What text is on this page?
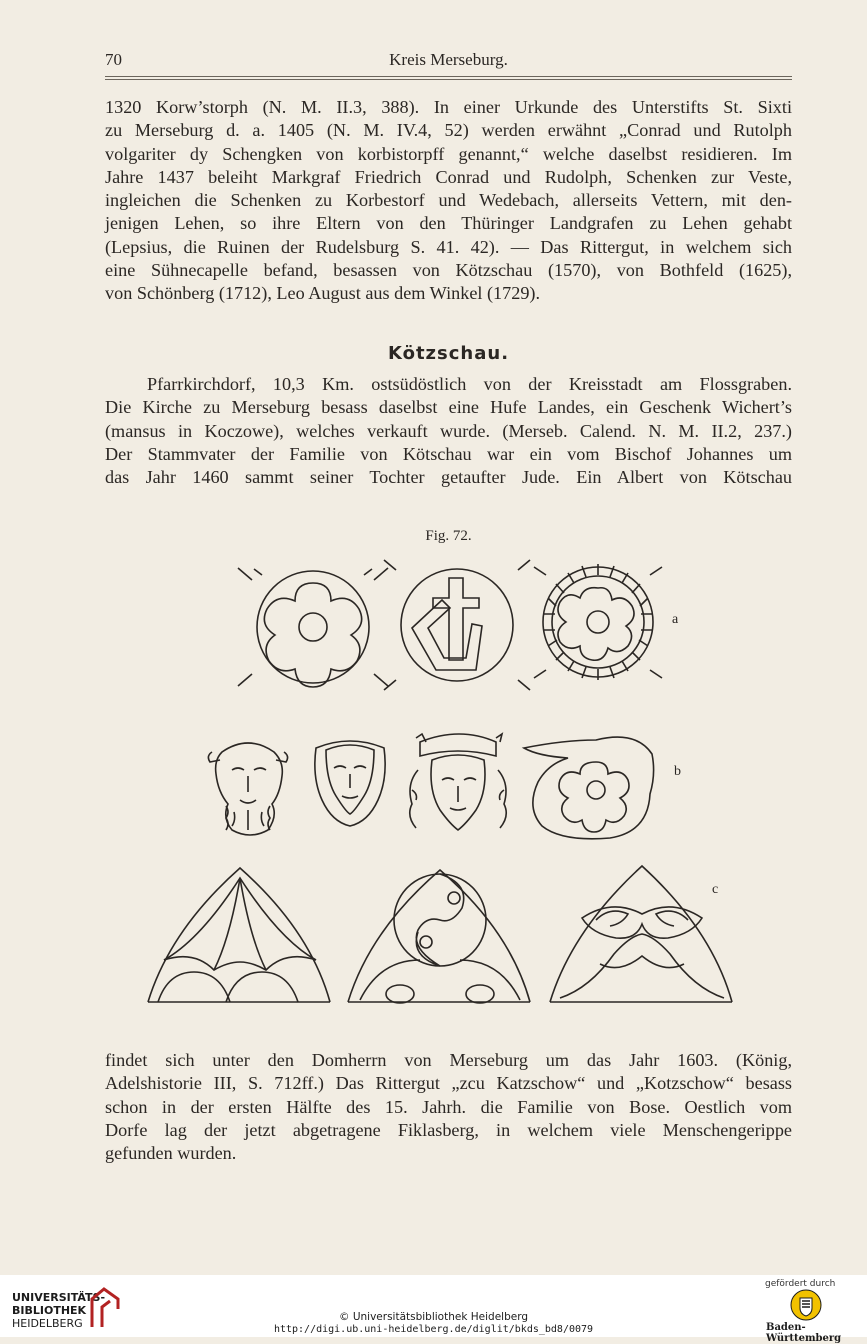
70	Kreis Merseburg.
1320 Korw’storph (N. M. II.3, 388). In einer Urkunde des Unterstifts St. Sixti
zu Merseburg d. a. 1405 (N. M. IV.4, 52) werden erwähnt „Conrad und Rutolph
volgariter dy Schengken von korbistorpff genannt,“ welche daselbst residieren. Im
Jahre 1437 beleiht Markgraf Friedrich Conrad und Rudolph, Schenken zur Veste,
ingleichen die Schenken zu Korbestorf und Wedebach, allerseits Vettern, mit den-
jenigen Lehen, so ihre Eltern von den Thüringer Landgrafen zu Lehen gehabt
(Lepsius, die Ruinen der Rudelsburg S. 41. 42). — Das Rittergut, in welchem sich
eine Sühnecapelle befand, besassen von Kötzschau (1570), von Bothfeld (1625),
von Schönberg (1712), Leo August aus dem Winkel (1729).
Kötzschau.
Pfarrkirchdorf, 10,3 Km. ostsüdöstlich von der Kreisstadt am Flossgraben.
Die Kirche zu Merseburg besass daselbst eine Hufe Landes, ein Geschenk Wichert’s
(mansus in Koczowe), welches verkauft wurde. (Merseb. Calend. N. M. II.2, 237.)
Der Stammvater der Familie von Kötschau war ein vom Bischof Johannes um
das Jahr 1460 sammt seiner Tochter getaufter Jude. Ein Albert von Kötschau
Fig. 72.
a
b
c
findet sich unter den Domherrn von Merseburg um das Jahr 1603. (König,
Adelshistorie III, S. 712ff.) Das Rittergut „zcu Katzschow“ und „Kotzschow“ besass
schon in der ersten Hälfte des 15. Jahrh. die Familie von Bose. Oestlich vom
Dorfe lag der jetzt abgetragene Fiklasberg, in welchem viele Menschengerippe
gefunden wurden.
UNIVERSITÄTS-
BIBLIOTHEK
HEIDELBERG	© Universitätsbibliothek Heidelberg
http://digi.ub.uni-heidelberg.de/diglit/bkds_bd8/0079
gefördert durch
Baden-Württemberg
